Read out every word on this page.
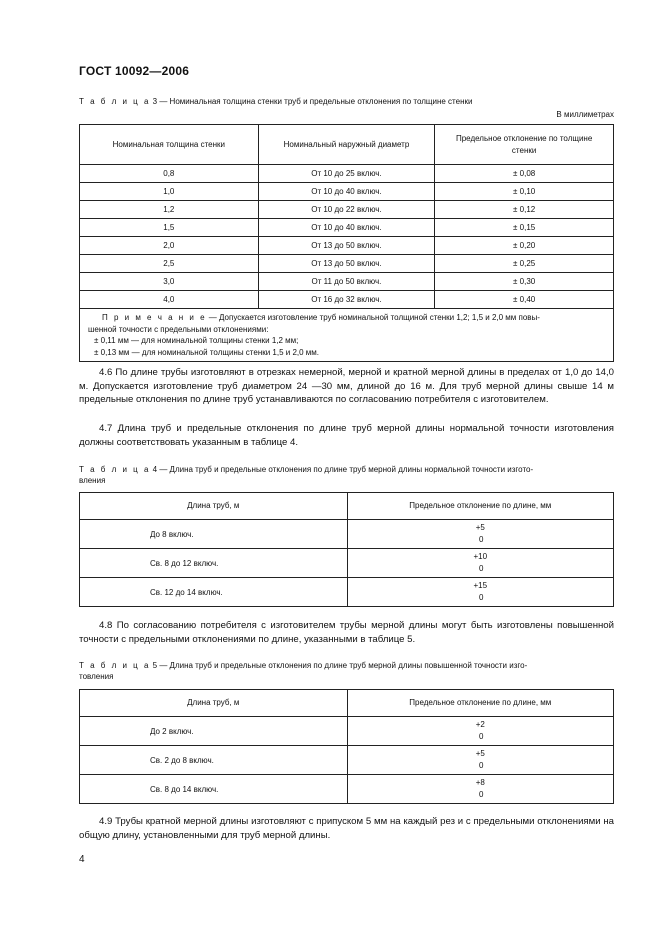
ГОСТ 10092—2006
Т а б л и ц а 3 — Номинальная толщина стенки труб и предельные отклонения по толщине стенки
В миллиметрах
Номинальная толщина стенки	Номинальный наружный диаметр	Предельное отклонение по толщине стенки
0,8	От 10 до 25 включ.	± 0,08
1,0	От 10 до 40 включ.	± 0,10
1,2	От 10 до 22 включ.	± 0,12
1,5	От 10 до 40 включ.	± 0,15
2,0	От 13 до 50 включ.	± 0,20
2,5	От 13 до 50 включ.	± 0,25
3,0	От 11 до 50 включ.	± 0,30
4,0	От 16 до 32 включ.	± 0,40

П р и м е ч а н и е — Допускается изготовление труб номинальной толщиной стенки 1,2; 1,5 и 2,0 мм повы-
шенной точности с предельными отклонениями:
± 0,11 мм — для номинальной толщины стенки 1,2 мм;
± 0,13 мм — для номинальной толщины стенки 1,5 и 2,0 мм.		

4.6 По длине трубы изготовляют в отрезках немерной, мерной и кратной мерной длины в пределах от 1,0 до 14,0 м. Допускается изготовление труб диаметром 24 —30 мм, длиной до 16 м. Для труб мерной длины свыше 14 м предельные отклонения по длине труб устанавливаются по согласованию потребителя с изготовителем.

4.7 Длина труб и предельные отклонения по длине труб мерной длины нормальной точности изготовления должны соответствовать указанным в таблице 4.

Т а б л и ц а 4 — Длина труб и предельные отклонения по длине труб мерной длины нормальной точности изгото-
вления
Длина труб, м	Предельное отклонение по длине, мм
До 8 включ.	+5
0

Св. 8 до 12 включ.	+10
0

Св. 12 до 14 включ.	+15
0

4.8 По согласованию потребителя с изготовителем трубы мерной длины могут быть изготовлены повышенной точности с предельными отклонениями по длине, указанными в таблице 5.

Т а б л и ц а 5 — Длина труб и предельные отклонения по длине труб мерной длины повышенной точности изго-
товления
Длина труб, м	Предельное отклонение по длине, мм
До 2 включ.	+2
0

Св. 2 до 8 включ.	+5
0

Св. 8 до 14 включ.	+8
0

4.9 Трубы кратной мерной длины изготовляют с припуском 5 мм на каждый рез и с предельными отклонениями на общую длину, установленными для труб мерной длины.

4
